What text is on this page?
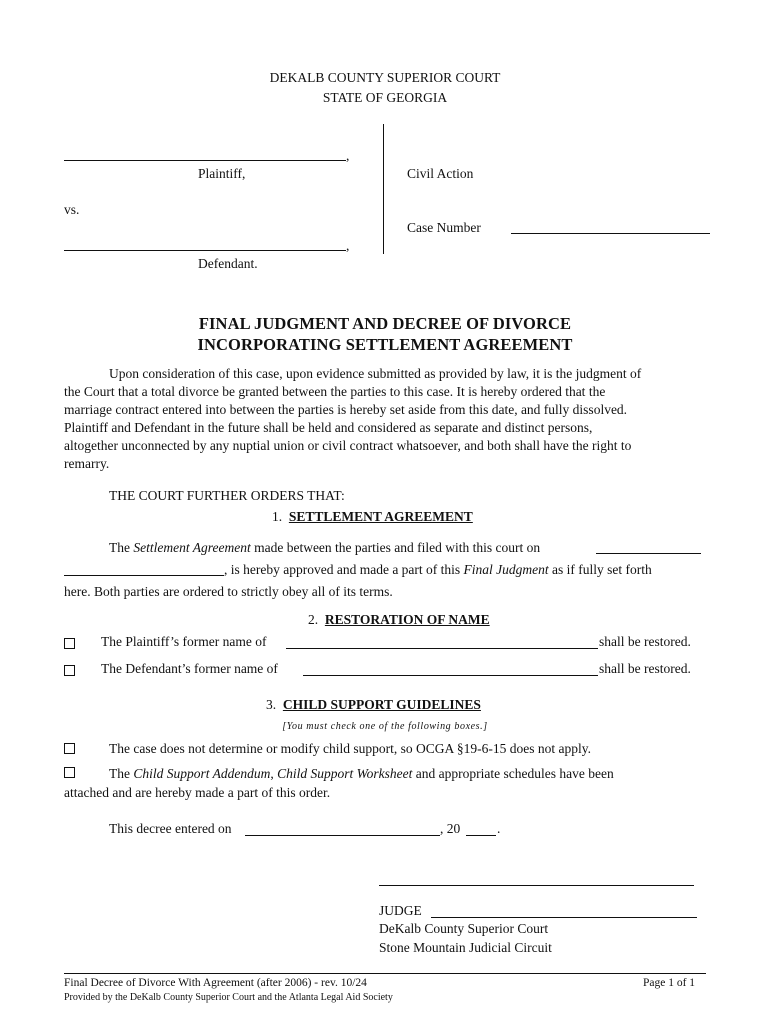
DEKALB COUNTY SUPERIOR COURT
STATE OF GEORGIA
,
Plaintiff,
vs.
,
Defendant.
Civil Action
Case Number
FINAL JUDGMENT AND DECREE OF DIVORCE
INCORPORATING SETTLEMENT AGREEMENT
Upon consideration of this case, upon evidence submitted as provided by law, it is the judgment of
the Court that a total divorce be granted between the parties to this case. It is hereby ordered that the
marriage contract entered into between the parties is hereby set aside from this date, and fully dissolved.
Plaintiff and Defendant in the future shall be held and considered as separate and distinct persons,
altogether unconnected by any nuptial union or civil contract whatsoever, and both shall have the right to
remarry.
THE COURT FURTHER ORDERS THAT:
1. SETTLEMENT AGREEMENT
The Settlement Agreement made between the parties and filed with this court on
, is hereby approved and made a part of this Final Judgment as if fully set forth
here. Both parties are ordered to strictly obey all of its terms.
2. RESTORATION OF NAME
The Plaintiff’s former name of	shall be restored.
The Defendant’s former name of	shall be restored.
3. CHILD SUPPORT GUIDELINES
[You must check one of the following boxes.]
The case does not determine or modify child support, so OCGA §19-6-15 does not apply.
The Child Support Addendum, Child Support Worksheet and appropriate schedules have been
attached and are hereby made a part of this order.
This decree entered on	, 20	.
JUDGE
DeKalb County Superior Court
Stone Mountain Judicial Circuit
Final Decree of Divorce With Agreement (after 2006) - rev. 10/24	Page 1 of 1
Provided by the DeKalb County Superior Court and the Atlanta Legal Aid Society
